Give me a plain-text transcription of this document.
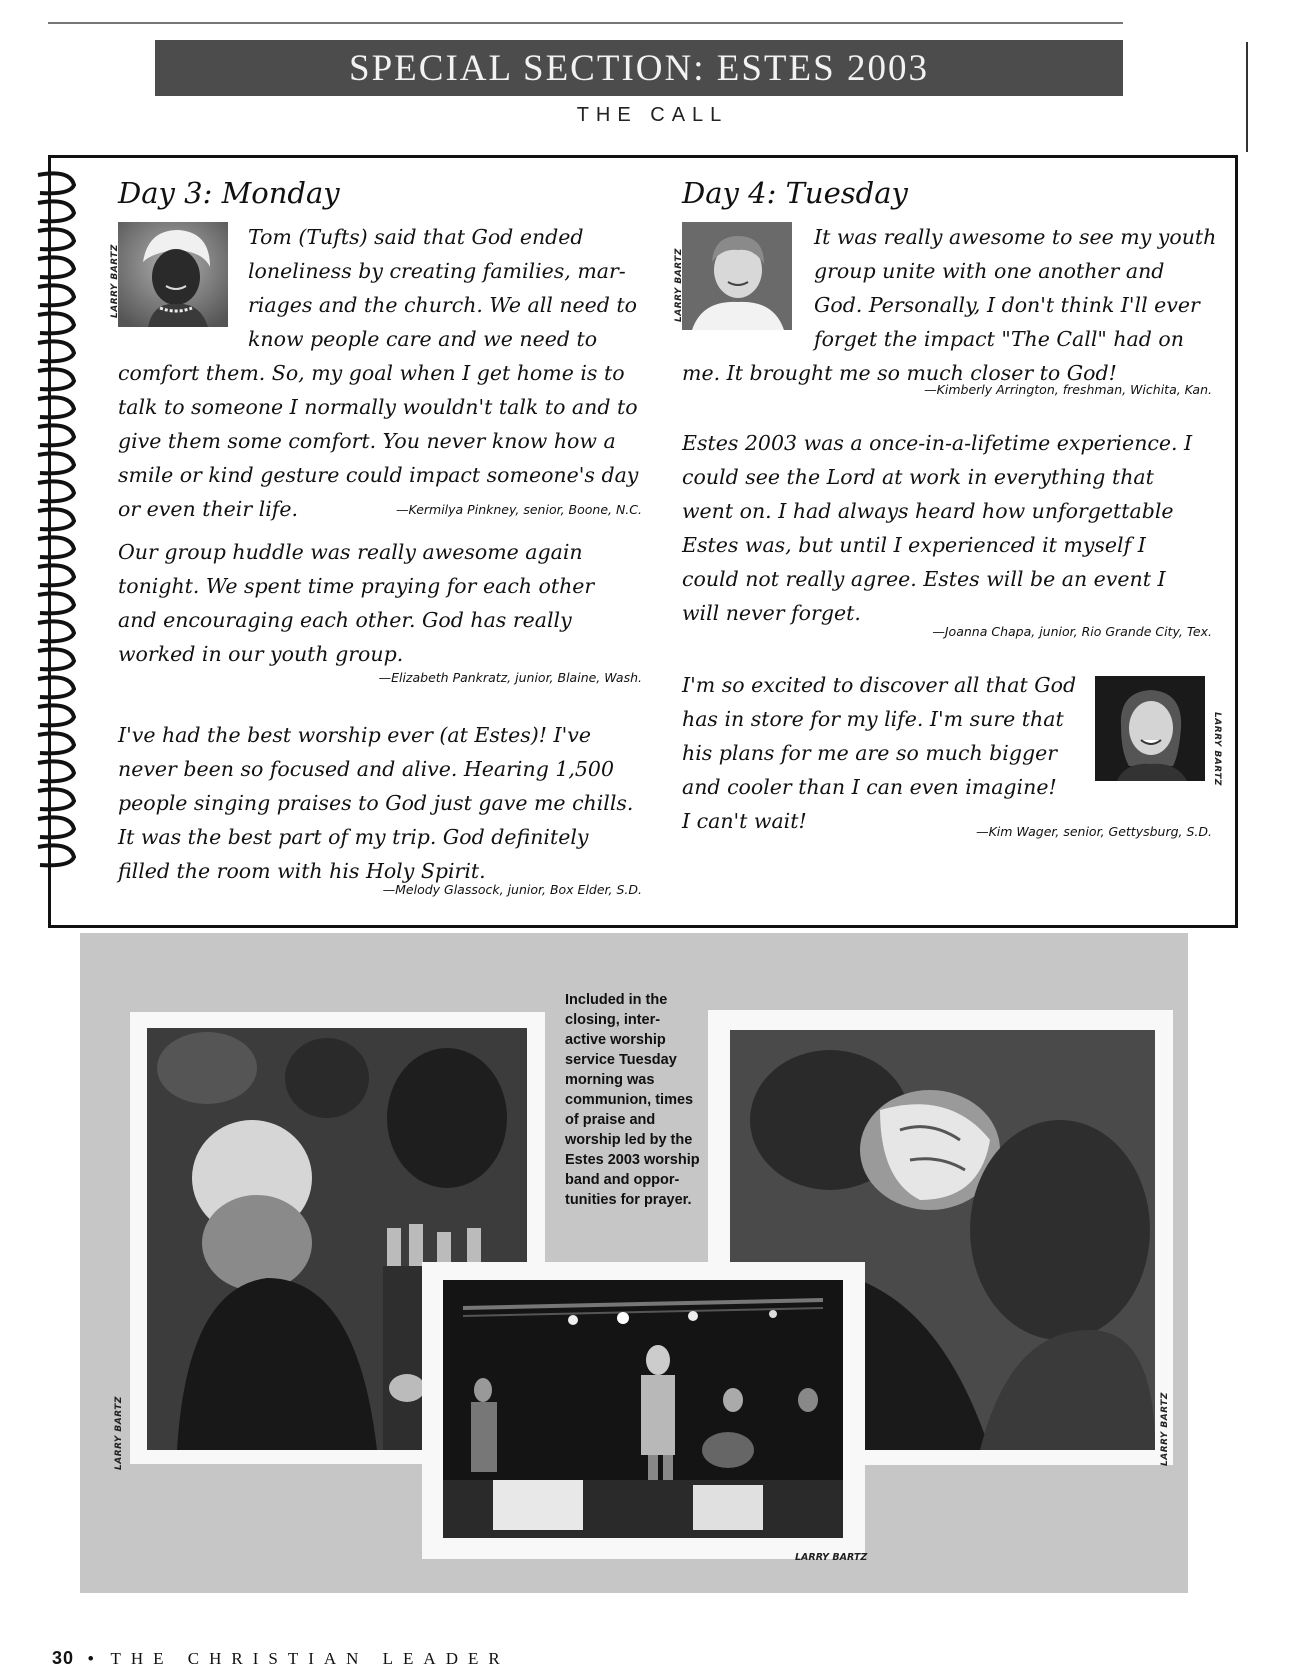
SPECIAL SECTION: ESTES 2003
THE CALL
Day 3: Monday
LARRY BARTZ
Tom (Tufts) said that God ended
loneliness by creating families, mar-
riages and the church. We all need to
know people care and we need to
comfort them. So, my goal when I get home is to
talk to someone I normally wouldn't talk to and to
give them some comfort. You never know how a
smile or kind gesture could impact someone's day
or even their life.	—Kermilya Pinkney, senior, Boone, N.C.
Our group huddle was really awesome again
tonight. We spent time praying for each other
and encouraging each other. God has really
worked in our youth group.
—Elizabeth Pankratz, junior, Blaine, Wash.
I've had the best worship ever (at Estes)! I've
never been so focused and alive. Hearing 1,500
people singing praises to God just gave me chills.
It was the best part of my trip. God definitely
filled the room with his Holy Spirit.
—Melody Glassock, junior, Box Elder, S.D.
Day 4: Tuesday
LARRY BARTZ
It was really awesome to see my youth
group unite with one another and
God. Personally, I don't think I'll ever
forget the impact "The Call" had on
me. It brought me so much closer to God!
—Kimberly Arrington, freshman, Wichita, Kan.
Estes 2003 was a once-in-a-lifetime experience. I
could see the Lord at work in everything that
went on. I had always heard how unforgettable
Estes was, but until I experienced it myself I
could not really agree. Estes will be an event I
will never forget.
—Joanna Chapa, junior, Rio Grande City, Tex.
I'm so excited to discover all that God
has in store for my life. I'm sure that
his plans for me are so much bigger
and cooler than I can even imagine!
I can't wait!
LARRY BARTZ
—Kim Wager, senior, Gettysburg, S.D.
Included in the closing, inter- active worship service Tuesday morning was communion, times of praise and worship led by the Estes 2003 worship band and oppor- tunities for prayer.
LARRY BARTZ	LARRY BARTZ
LARRY BARTZ
30 • THE CHRISTIAN LEADER
